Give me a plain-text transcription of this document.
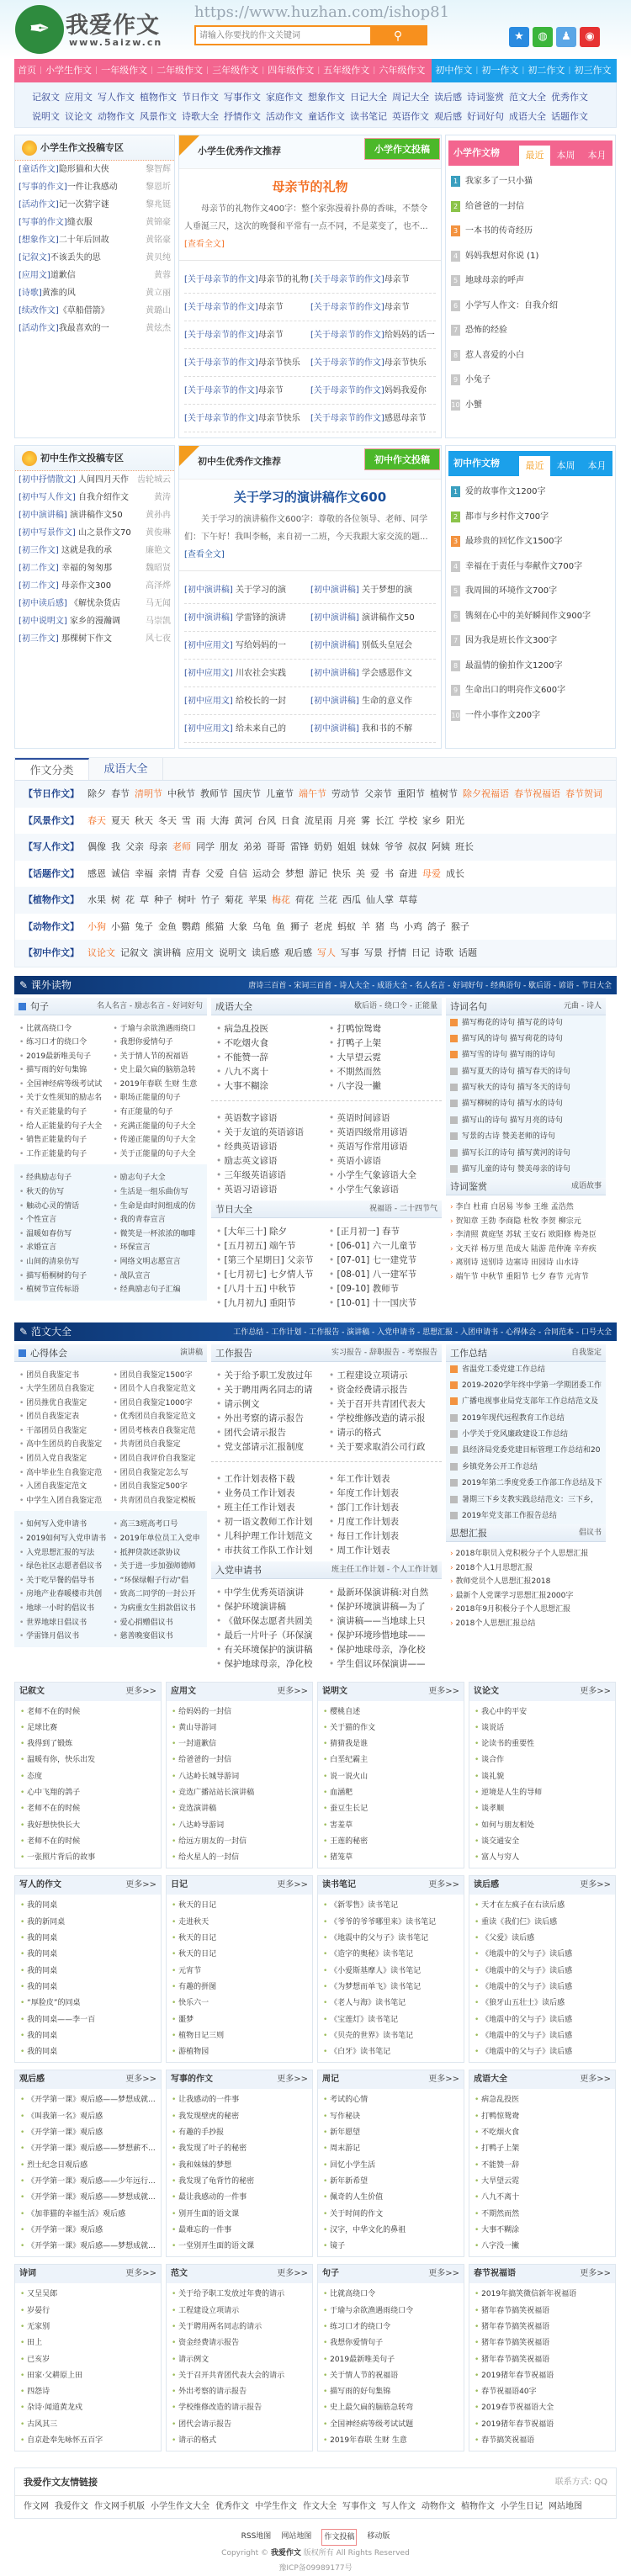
✒ 我爱作文
www.5aizw.cn
https://www.huzhan.com/ishop81
请输入你要找的作文关键词
⚲	★	◍	♟	◉
首页 | 小学生作文 | 一年级作文 | 二年级作文 | 三年级作文 | 四年级作文 | 五年级作文 | 六年级作文	初中作文 | 初一作文 | 初二作文 | 初三作文
记叙文 应用文 写人作文 植物作文 节日作文 写事作文 家庭作文 想象作文 日记大全 周记大全 读后感 诗词鉴赏 范文大全 优秀作文
说明文 议论文 动物作文 风景作文 诗歌大全 抒情作文 活动作文 童话作文 读书笔记 英语作文 观后感 好词好句 成语大全 话题作文
小学生作文投稿专区
[童话作文]隐形猫和大侠	黎智辉
[写事的作文]一件让我感动	黎恩圻
[活动作文]记一次猜字谜	黎兆铤
[写事的作文]缝衣服	黄锦豪
[想象作文]二十年后回故	黄铭豪
[记叙文]不该丢失的思	黄贝纯
[应用文]道歉信	黄蓉
[诗歌]黄淮的风	黄立丽
[续改作文]《草船借箭》	黄璐山
[活动作文]我最喜欢的一	黄炫杰
小学生优秀作文推荐	小学作文投稿
母亲节的礼物

母亲节的礼物作文400字：整个家弥漫着扑鼻的香味，不禁令人垂涎三尺，这次的晚餐和平常有一点不同，不是菜变了，也不...[查看全文]

[关于母亲节的作文]母亲节的礼物 [关于母亲节的作文]母亲节
[关于母亲节的作文]母亲节	[关于母亲节的作文]母亲节
[关于母亲节的作文]母亲节	[关于母亲节的作文]给妈妈的话一
[关于母亲节的作文]母亲节快乐	[关于母亲节的作文]母亲节快乐
[关于母亲节的作文]母亲节	[关于母亲节的作文]妈妈我爱你
[关于母亲节的作文]母亲节快乐	[关于母亲节的作文]感恩母亲节
小学作文榜	最近	本周	本月
1 我家多了一只小猫
2 给爸爸的一封信
3 一本书的传奇经历
4 妈妈我想对你说 (1)
5 地球母亲的呼声
6 小学写人作文：自我介绍
7 恐怖的经验
8 惹人喜爱的小白
9 小兔子
10 小蟹
初中生作文投稿专区
[初中抒情散文] 人间四月天作 齿轮城云
[初中写人作文] 自我介绍作文	黄涛
[初中演讲稿] 演讲稿作文50	黄孙冉
[初中写景作文] 山之景作文70 黄俊琳
[初三作文] 这就是我的承	廉艳文
[初二作文] 幸福的匆匆那	魏昭贤
[初二作文] 母亲作文300	高泽烨
[初中读后感] 《解忧杂货店	马无闻
[初中说明文] 家乡的漫瀚调	马崇凯
[初三作文] 那棵树下作文	风七夜
初中生优秀作文推荐	初中作文投稿
关于学习的演讲稿作文600

关于学习的演讲稿作文600字：尊敬的各位领导、老师、同学们：下午好！我叫李畅，来自初一二班，今天我跟大家交流的题...[查看全文]

[初中演讲稿] 关于学习的演	[初中演讲稿] 关于梦想的演
[初中演讲稿] 学雷锋的演讲	[初中演讲稿] 演讲稿作文50
[初中应用文] 写给妈妈的一	[初中演讲稿] 别低头皇冠会
[初中应用文] 川农社会实践	[初中演讲稿] 学会感恩作文
[初中应用文] 给校长的一封	[初中演讲稿] 生命的意义作
[初中应用文] 给未来自己的	[初中演讲稿] 我和书的不解
初中作文榜	最近	本周	本月
1 爱的故事作文1200字
2 都市与乡村作文700字
3 最珍贵的回忆作文1500字
4 幸福在于责任与奉献作文700字
5 我周围的环境作文700字
6 镌刻在心中的美好瞬间作文900字
7 因为我是班长作文300字
8 最温情的偷拍作文1200字
9 生命出口的明亮作文600字
10 一件小事作文200字
作文分类	成语大全
【节日作文】 除夕 春节 清明节 中秋节 教师节 国庆节 儿童节 端午节 劳动节 父亲节 重阳节 植树节 除夕祝福语 春节祝福语 春节贺词
【风景作文】 春天 夏天 秋天 冬天 雪 雨 大海 黄河 台风 日食 流星雨 月亮 雾 长江 学校 家乡 阳光
【写人作文】 偶像 我 父亲 母亲 老师 同学 朋友 弟弟 哥哥 雷锋 奶奶 姐姐 妹妹 爷爷 叔叔 阿姨 班长
【话题作文】 感恩 诚信 幸福 亲情 青春 父爱 自信 运动会 梦想 游记 快乐 美 爱 书 奋进 母爱 成长
【植物作文】 水果 树 花 草 种子 树叶 竹子 菊花 苹果 梅花 荷花 兰花 西瓜 仙人掌 草莓
【动物作文】 小狗 小猫 兔子 金鱼 鹦鹉 熊猫 大象 乌龟 鱼 狮子 老虎 蚂蚁 羊 猪 鸟 小鸡 鸽子 猴子
【初中作文】 议论文 记叙文 演讲稿 应用文 说明文 读后感 观后感 写人 写事 写景 抒情 日记 诗歌 话题
✎ 课外读物	唐诗三百首 - 宋词三百首 - 诗人大全 - 成语大全 - 名人名言 - 好词好句 - 经典语句 - 歇后语 - 谚语 - 节日大全
句子	名人名言 - 励志名言 - 好词好句
• 比就高绕口令
•	于瑜与余欲渔遇雨绕口
• 练习口才的绕口令
•	我想你爱情句子
• 2019最新唯美句子
•	关于情人节的祝福语
• 描写雨的好句集锦
•	史上最欠扁的脑筋急转
• 全国神经病等级考试试
•	2019年春联 生财 生意
• 关于女性须知的励志名
•	职场正能量的句子
• 有关正能量的句子
•	有正能量的句子
• 给人正能量的句子大全
•	充满正能量的句子大全
• 销售正能量的句子
•	传递正能量的句子大全
• 工作正能量的句子
•	关于正能量的句子大全
• 经典励志句子
•	励志句子大全
• 秋天的仿写
•	生活是一组乐曲仿写
• 触动心灵的情话
•	生命是由时间组成的仿
• 个性宣言
•	我的青春宣言
• 温暖如春仿写
•	微笑是一杯浓浓的咖啡
• 求婚宣言
•	环保宣言
• 山间的清泉仿写
•	网络文明志愿宣言
• 描写梧桐树的句子
•	战队宣言
• 植树节宣传标语
•	经典励志句子汇编
成语大全	歇后语 - 绕口令 - 正能量
• 病急乱投医
•	打鸭惊鸳鸯
• 不吃烟火食
•	打鸭子上架
• 不能赞一辞
•	大旱望云霓
• 八九不离十
•	不期然而然
• 大事不糊涂
•	八字没一撇
• 英语数字谚语
•	英语时间谚语
• 关于友谊的英语谚语
•	英语四级常用谚语
• 经典英语谚语
•	英语写作常用谚语
• 励志英文谚语
•	英语小谚语
• 三年级英语谚语
•	小学生气象谚语大全
• 英语习语谚语
•	小学生气象谚语
节日大全	祝福语 - 二十四节气
• [大年三十] 除夕
•	[正月初一] 春节
• [五月初五] 端午节
•	[06-01] 六一儿童节
• [第三个星期日] 父亲节
•	[07-01] 七一建党节
• [七月初七] 七夕情人节
•	[08-01] 八一建军节
• [八月十五] 中秋节
•	[09-10] 教师节
• [九月初九] 重阳节
•	[10-01] 十一国庆节
诗词名句	元曲 - 诗人
描写梅花的诗句 描写花的诗句
描写风的诗句 描写荷花的诗句
描写雪的诗句 描写雨的诗句
描写夏天的诗句 描写春天的诗句
描写秋天的诗句 描写冬天的诗句
描写柳树的诗句 描写水的诗句
描写山的诗句 描写月亮的诗句
写景的古诗 赞美老师的诗句
描写长江的诗句 描写黄河的诗句
描写儿童的诗句 赞美母亲的诗句
诗词鉴赏	成语故事
› 李白 杜甫 白居易 岑参 王维 孟浩然
› 贺知章 王勃 李商隐 杜牧 李贺 柳宗元
› 李清照 黄庭坚 苏轼 王安石 欧阳修 梅尧臣
› 文天祥 杨万里 范成大 陆游 范仲淹 辛弃疾
› 离别诗 送别诗 边塞诗 田园诗 山水诗
› 端午节 中秋节 重阳节 七夕 春节 元宵节
✎ 范文大全	工作总结 - 工作计划 - 工作报告 - 演讲稿 - 入党申请书 - 思想汇报 - 入团申请书 - 心得体会 - 合同范本 - 口号大全
心得体会	演讲稿
• 团员自我鉴定书
•	团员自我鉴定1500字
• 大学生团员自我鉴定
•	团员个人自我鉴定范文
• 团员推优自我鉴定
•	团员自我鉴定1000字
• 团员自我鉴定表
•	优秀团员自我鉴定范文
• 干部团员自我鉴定
•	团员考核表自我鉴定范
• 高中生团员的自我鉴定
•	共青团员自我鉴定
• 团员入党自我鉴定
•	团员自我评价自我鉴定
• 高中毕业生自我鉴定范
•	团员自我鉴定怎么写
• 入团自我鉴定范文
•	团员自我鉴定500字
• 中学生入团自我鉴定范
•	共青团员自我鉴定模板
• 如何写入党申请书
•	高三3班高考口号
• 2019如何写入党申请书
•	2019年单位员工入党申
• 入党思想汇报的写法
•	抵押贷款还款协议
• 绿色社区志愿者倡议书
•	关于进一步加强师德师
• 关于吃早餐的倡导书
•	“环保绿帽子行动”倡
• 房地产业春暖楼市共创
•	致高二同学的一封公开
• 地球一小时的倡议书
•	为病重女生捐款倡议书
• 世界地球日倡议书
•	爱心捐赠倡议书
• 学雷锋月倡议书
•	慈善晚宴倡议书
工作报告	实习报告 - 辞职报告 - 考察报告
• 关于给予职工发放过年
•	工程建设立项请示
• 关于聘用两名同志的请
•	资金经费请示报告
• 请示例文
•	关于召开共青团代表大
• 外出考察的请示报告
•	学校维修改造的请示报
• 团代会请示报告
•	请示的格式
• 党支部请示汇报制度
•	关于要求取消公司行政
• 工作计划表格下载
•	年工作计划表
• 业务员工作计划表
•	年度工作计划表
• 班主任工作计划表
•	部门工作计划表
• 初一语文教师工作计划
•	月度工作计划表
• 儿科护理工作计划范文
•	每日工作计划表
• 市扶贫工作队工作计划
•	周工作计划表
入党申请书	班主任工作计划 - 个人工作计划
• 中学生优秀英语演讲
•	最新环保演讲稿:对自然
• 保护环境演讲稿
•	保护环境演讲稿—为了
• 《做环保志愿者共圆美
•	演讲稿——当地球上只
• 最后一片叶子（环保演
•	保护环境珍惜地球——
• 有关环境保护的演讲稿
•	保护地球母亲，净化校
• 保护地球母亲，净化校
•	学生倡议环保演讲——
工作总结	自我鉴定
省温党工委党建工作总结
2019-2020学年终中学第一学期团委工作
广播电视事业局党支部年工作总结范文及
2019年现代远程教育工作总结
小学关于党风廉政建设工作总结
县经济局党委党建目标管理工作总结和20
乡镇党务公开工作总结
2019年第二季度党委工作部工作总结及下
暑期三下乡支教实践总结范文：三下乡，
2019年党支部工作报告总结
思想汇报	倡议书
› 2018年职员入党积极分子个人思想汇报
› 2018个人1月思想汇报
› 教师党员个人思想汇报2018
› 最新个人党课学习思想汇报2000字
› 2018年9月积极分子个人思想汇报
› 2018个人思想汇报总结
记叙文	更多>>
• 老师不在的时候
• 足球比赛
• 我得到了锻炼
• 温暖有你，快乐出发
• 态度
• 心中飞翔的鸽子
• 老师不在的时候
• 我好想快快长大
• 老师不在的时候
• 一张照片背后的故事
应用文	更多>>
• 给妈妈的一封信
• 黄山导游词
• 一封道歉信
• 给爸爸的一封信
• 八达岭长城导游词
• 竞选广播站站长演讲稿
• 竞选演讲稿
• 八达岭导游词
• 给远方朋友的一封信
• 给火星人的一封信
说明文	更多>>
• 樱桃自述
• 关于猫的作文
• 猜猜我是谁
• 白垩纪霸主
• 说一说火山
• 血涵粑
• 蚕豆生长记
• 害羞草
• 王莲的秘密
• 猪笼草
议论文	更多>>
• 我心中的平安
• 谈说话
• 论读书的重要性
• 谈合作
• 谈礼貌
• 逆境是人生的导师
• 谈孝顺
• 如何与朋友相处
• 谈交通安全
• 富人与穷人
写人的作文	更多>>
• 我的同桌
• 我的新同桌
• 我的同桌
• 我的同桌
• 我的同桌
• 我的同桌
• “厚脸皮”的同桌
• 我的同桌——李一百
• 我的同桌
• 我的同桌
日记	更多>>
• 秋天的日记
• 走进秋天
• 秋天的日记
• 秋天的日记
• 元宵节
• 有趣的拼图
• 快乐六一
• 噩梦
• 植物日记三则
• 游植物园
读书笔记	更多>>
• 《新零售》读书笔记
• 《爷爷的爷爷哪里来》读书笔记
• 《地震中的父与子》读书笔记
• 《造字的奥秘》读书笔记
• 《小爱斯基摩人》读书笔记
• 《为梦想而单飞》读书笔记
• 《老人与海》读书笔记
• 《宝莲灯》读书笔记
• 《贝壳的世界》读书笔记
• 《白牙》读书笔记
读后感	更多>>
• 天才在左疯子在右读后感
• 重读《我们仨》读后感
• 《父爱》读后感
• 《地震中的父与子》读后感
• 《地震中的父与子》读后感
• 《地震中的父与子》读后感
• 《狼牙山五壮士》读后感
• 《地震中的父与子》读后感
• 《地震中的父与子》读后感
• 《地震中的父与子》读后感
观后感	更多>>
• 《开学第一课》观后感——梦想成就...
• 《叫我第一名》观后感
• 《开学第一课》观后感
• 《开学第一课》观后感——梦想薪不...
• 烈士纪念日观后感
• 《开学第一课》观后感——少年远行...
• 《开学第一课》观后感——梦想成就...
• 《加菲猫的幸福生活》观后感
• 《开学第一课》观后感
• 《开学第一课》观后感——梦想成就...
写事的作文	更多>>
• 让我感动的一件事
• 我发现壁虎的秘密
• 有趣的手抄报
• 我发现了叶子的秘密
• 我和妹妹的梦想
• 我发现了龟背竹的秘密
• 最让我感动的一件事
• 别开生面的语文课
• 最难忘的一件事
• 一堂别开生面的语文课
周记	更多>>
• 考试的心情
• 写作秘诀
• 新年愿望
• 周末游记
• 回忆小学生活
• 新年新希望
• 佩奇的人生价值
• 关于时间的作文
• 汉字，中华文化的鼻祖
• 镜子
成语大全	更多>>
• 病急乱投医
• 打鸭惊鸳鸯
• 不吃烟火食
• 打鸭子上架
• 不能赞一辞
• 大旱望云霓
• 八九不离十
• 不期然而然
• 大事不糊涂
• 八字没一撇
诗词	更多>>
• 又呈吴郎
• 岁晏行
• 无家别
• 田上
• 已亥岁
• 田家·父耕原上田
• 四怨诗
• 杂诗·闻道黄龙戍
• 古风其三
• 自京赴奉先咏怀五百字
范文	更多>>
• 关于给予职工发放过年费的请示
• 工程建设立项请示
• 关于聘用两名同志的请示
• 资金经费请示报告
• 请示例文
• 关于召开共青团代表大会的请示
• 外出考察的请示报告
• 学校维修改造的请示报告
• 团代会请示报告
• 请示的格式
句子	更多>>
• 比就高绕口令
• 于瑜与余欲渔遇雨绕口令
• 练习口才的绕口令
• 我想你爱情句子
• 2019最新唯美句子
• 关于情人节的祝福语
• 描写雨的好句集锦
• 史上最欠扁的脑筋急转弯
• 全国神经病等级考试试题
• 2019年春联 生财 生意
春节祝福语	更多>>
• 2019年搞笑微信新年祝福语
• 猪年春节搞笑祝福语
• 猪年春节搞笑祝福语
• 猪年春节搞笑祝福语
• 猪年春节搞笑祝福语
• 2019猪年春节祝福语
• 春节祝福语40字
• 2019春节祝福语大全
• 2019猪年春节祝福语
• 春节搞笑祝福语
我爱作文友情链接	联系方式: QQ
作文网 我爱作文 作文网手机版 小学生作文大全 优秀作文 中学生作文 作文大全 写事作文 写人作文 动物作文 植物作文 小学生日记 网站地图
RSS地图 网站地图	作文投稿	移动版
Copyright © 我爱作文 版权所有 All Rights Reserved
豫ICP备09989177号
